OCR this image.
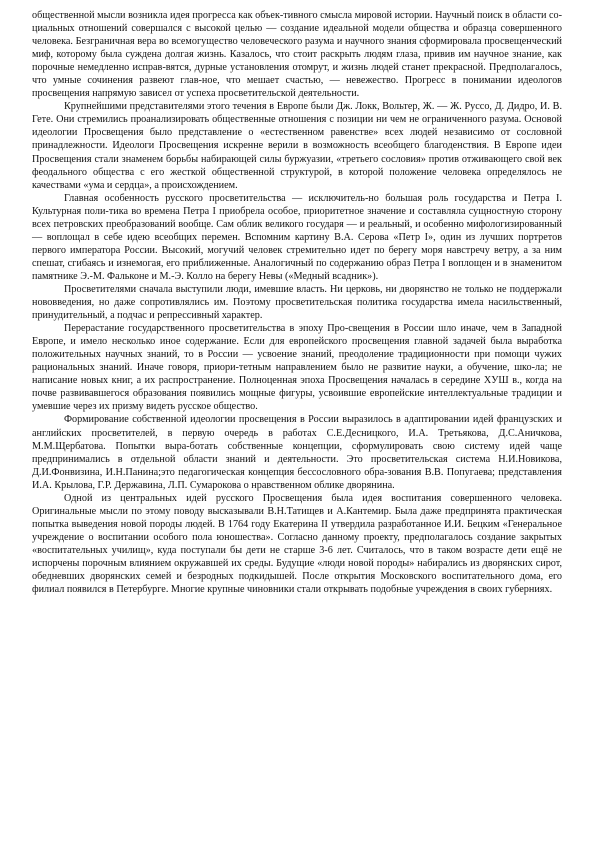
общественной мысли возникла идея прогресса как объек-тивного смысла мировой истории. Научный поиск в области со-циальных отношений совершался с высокой целью — создание идеальной модели общества и образца совершенного человека. Безграничная вера во всемогущество человеческого разума и научного знания сформировала просвещенческий миф, которому была суждена долгая жизнь. Казалось, что стоит раскрыть людям глаза, привив им научное знание, как порочные немедленно исправ-вятся, дурные установления отомрут, и жизнь людей станет прекрасной. Предполагалось, что умные сочинения развеют глав-ное, что мешает счастью, — невежество. Прогресс в понимании идеологов просвещения напрямую зависел от успеха просветительской деятельности.

Крупнейшими представителями этого течения в Европе были Дж. Локк, Вольтер, Ж. — Ж. Руссо, Д. Дидро, И. В. Гете. Они стремились проанализировать общественные отношения с позиции ни чем не ограниченного разума. Основой идеологии Просвещения было представление о «естественном равенстве» всех людей независимо от сословной принадлежности. Идеологи Просвещения искренне верили в возможность всеобщего благоденствия. В Европе идеи Просвещения стали знаменем борьбы набирающей силы буржуазии, «третьего сословия» против отживающего свой век феодального общества с его жесткой общественной структурой, в которой положение человека определялось не качествами «ума и сердца», а происхождением.

Главная особенность русского просветительства — исключитель-но большая роль государства и Петра I. Культурная поли-тика во времена Петра I приобрела особое, приоритетное значение и составляла сущностную сторону всех петровских преобразований вообще. Сам облик великого государя — и реальный, и особенно мифологизированный — воплощал в себе идею всеобщих перемен. Вспомним картину В.А. Серова «Петр I», один из лучших портретов первого императора России. Высокий, могучий человек стремительно идет по берегу моря навстречу ветру, а за ним спешат, сгибаясь и изнемогая, его приближенные. Аналогичный по содержанию образ Петра I воплощен и в знаменитом памятнике Э.-М. Фальконе и М.-Э. Колло на берегу Невы («Медный всадник»).

Просветителями сначала выступили люди, имевшие власть. Ни церковь, ни дворянство не только не поддержали нововведения, но даже сопротивлялись им. Поэтому просветительская политика государства имела насильственный, принудительный, а подчас и репрессивный характер.

Перерастание государственного просветительства в эпоху Про-свещения в России шло иначе, чем в Западной Европе, и имело несколько иное содержание. Если для европейского просвещения главной задачей была выработка положительных научных знаний, то в России — усвоение знаний, преодоление традиционности при помощи чужих рациональных знаний. Иначе говоря, приори-тетным направлением было не развитие науки, а обучение, шко-ла; не написание новых книг, а их распространение. Полноценная эпоха Просвещения началась в середине ХУШ в., когда на почве развивавшегося образования появились мощные фигуры, усвоившие европейские интеллектуальные традиции и умевшие через их призму видеть русское общество.

Формирование собственной идеологии просвещения в России выразилось в адаптировании идей французских и английских просветителей, в первую очередь в работах С.Е.Десницкого, И.А. Третьякова, Д.С.Аничкова, М.М.Щербатова. Попытки выра-ботать собственные концепции, сформулировать свою систему идей чаще предпринимались в отдельной области знаний и деятельности. Это просветительская система Н.И.Новикова, Д.И.Фонвизина, И.Н.Панина;это педагогическая концепция бессословного обра-зования В.В. Попугаева; представления И.А. Крылова, Г.Р. Державина, Л.П. Сумарокова о нравственном облике дворянина.

Одной из центральных идей русского Просвещения была идея воспитания совершенного человека. Оригинальные мысли по этому поводу высказывали В.Н.Татищев и А.Кантемир. Была даже предпринята практическая попытка выведения новой породы людей. В 1764 году Екатерина II утвердила разработанное И.И. Бецким «Генеральное учреждение о воспитании особого пола юношества». Согласно данному проекту, предполагалось создание закрытых «воспитательных училищ», куда поступали бы дети не старше 3-6 лет. Считалось, что в таком возрасте дети ещё не испорчены порочным влиянием окружавшей их среды. Будущие «люди новой породы» набирались из дворянских сирот, обедневших дворянских семей и безродных подкидышей. После открытия Московского воспитательного дома, его филиал появился в Петербурге. Многие крупные чиновники стали открывать подобные учреждения в своих губерниях.
